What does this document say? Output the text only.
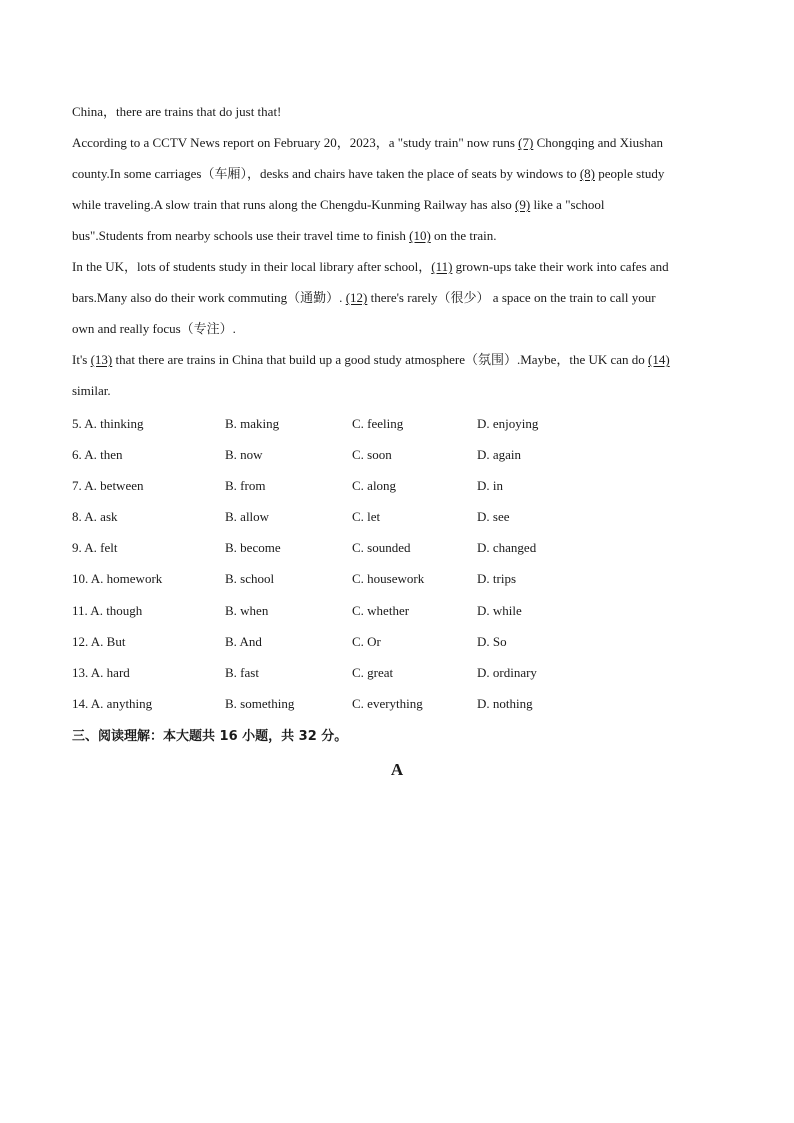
China，there are trains that do just that!
According to a CCTV News report on February 20，2023，a "study train" now runs (7) Chongqing and Xiushan
county.In some carriages（车厢），desks and chairs have taken the place of seats by windows to (8) people study
while traveling.A slow train that runs along the Chengdu-Kunming Railway has also (9) like a "school
bus".Students from nearby schools use their travel time to finish (10) on the train.
In the UK，lots of students study in their local library after school，(11) grown-ups take their work into cafes and
bars.Many also do their work commuting（通勤）. (12) there's rarely（很少） a space on the train to call your
own and really focus（专注）.
It's (13) that there are trains in China that build up a good study atmosphere（氛围）.Maybe，the UK can do (14)
similar.
5. A. thinking	B. making	C. feeling	D. enjoying
6. A. then	B. now	C. soon	D. again
7. A. between	B. from	C. along	D. in
8. A. ask	B. allow	C. let	D. see
9. A. felt	B. become	C. sounded	D. changed
10. A. homework	B. school	C. housework	D. trips
11. A. though	B. when	C. whether	D. while
12. A. But	B. And	C. Or	D. So
13. A. hard	B. fast	C. great	D. ordinary
14. A. anything	B. something	C. everything	D. nothing
三、阅读理解：本大题共 16 小题，共 32 分。
A
